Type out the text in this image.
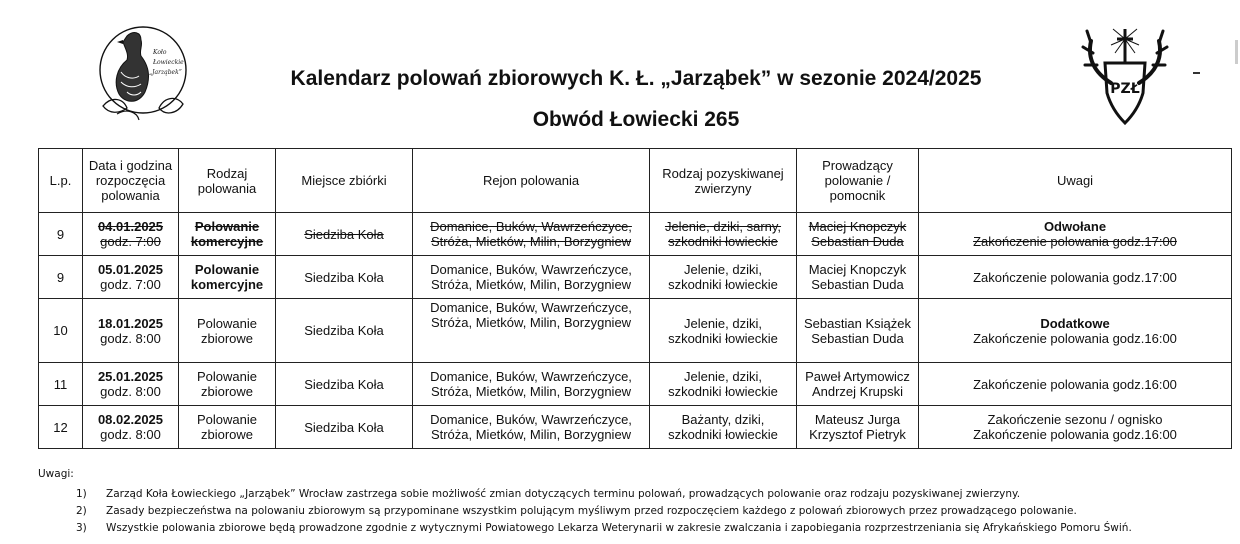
Koło
Łowieckie
„Jarząbek”
PZŁ
Kalendarz polowań zbiorowych K. Ł. „Jarząbek” w sezonie 2024/2025
Obwód Łowiecki 265
L.p.	Data i godzina rozpoczęcia polowania	Rodzaj polowania	Miejsce zbiórki	Rejon polowania	Rodzaj pozyskiwanej zwierzyny	Prowadzący polowanie / pomocnik	Uwagi
9	04.01.2025
godz. 7:00	Polowanie
komercyjne	Siedziba Koła	Domanice, Buków, Wawrzeńczyce,
Stróża, Mietków, Milin, Borzygniew	Jelenie, dziki, sarny,
szkodniki łowieckie	Maciej Knopczyk
Sebastian Duda	Odwołane
Zakończenie polowania godz.17:00

9	05.01.2025
godz. 7:00	Polowanie
komercyjne	Siedziba Koła	Domanice, Buków, Wawrzeńczyce,
Stróża, Mietków, Milin, Borzygniew	Jelenie, dziki,
szkodniki łowieckie	Maciej Knopczyk
Sebastian Duda	Zakończenie polowania godz.17:00

10	18.01.2025
godz. 8:00	Polowanie
zbiorowe	Siedziba Koła	Domanice, Buków, Wawrzeńczyce,
Stróża, Mietków, Milin, Borzygniew	Jelenie, dziki,
szkodniki łowieckie	Sebastian Książek
Sebastian Duda	Dodatkowe
Zakończenie polowania godz.16:00

11	25.01.2025
godz. 8:00	Polowanie
zbiorowe	Siedziba Koła	Domanice, Buków, Wawrzeńczyce,
Stróża, Mietków, Milin, Borzygniew	Jelenie, dziki,
szkodniki łowieckie	Paweł Artymowicz
Andrzej Krupski	Zakończenie polowania godz.16:00

12	08.02.2025
godz. 8:00	Polowanie
zbiorowe	Siedziba Koła	Domanice, Buków, Wawrzeńczyce,
Stróża, Mietków, Milin, Borzygniew	Bażanty, dziki,
szkodniki łowieckie	Mateusz Jurga
Krzysztof Pietryk	Zakończenie sezonu / ognisko
Zakończenie polowania godz.16:00

Uwagi:

1) Zarząd Koła Łowieckiego „Jarząbek” Wrocław zastrzega sobie możliwość zmian dotyczących terminu polowań, prowadzących polowanie oraz rodzaju pozyskiwanej zwierzyny.
2) Zasady bezpieczeństwa na polowaniu zbiorowym są przypominane wszystkim polującym myśliwym przed rozpoczęciem każdego z polowań zbiorowych przez prowadzącego polowanie.
3) Wszystkie polowania zbiorowe będą prowadzone zgodnie z wytycznymi Powiatowego Lekarza Weterynarii w zakresie zwalczania i zapobiegania rozprzestrzeniania się Afrykańskiego Pomoru Świń.
